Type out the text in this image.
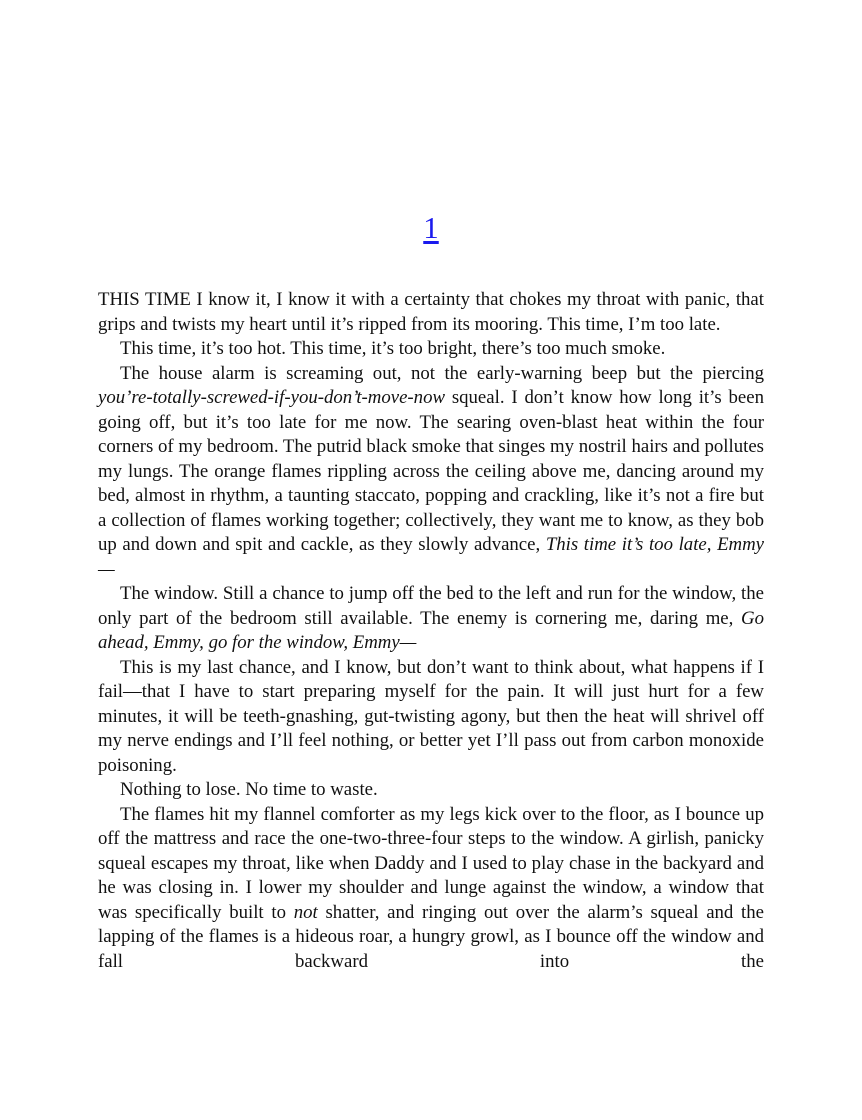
1

THIS TIME I know it, I know it with a certainty that chokes my throat with panic, that grips and twists my heart until it’s ripped from its mooring. This time, I’m too late.

This time, it’s too hot. This time, it’s too bright, there’s too much smoke.

The house alarm is screaming out, not the early-warning beep but the piercing you’re-totally-screwed-if-you-don’t-move-now squeal. I don’t know how long it’s been going off, but it’s too late for me now. The searing oven-blast heat within the four corners of my bedroom. The putrid black smoke that singes my nostril hairs and pollutes my lungs. The orange flames rippling across the ceiling above me, dancing around my bed, almost in rhythm, a taunting staccato, popping and crackling, like it’s not a fire but a collection of flames working together; collectively, they want me to know, as they bob up and down and spit and cackle, as they slowly advance, This time it’s too late, Emmy—

The window. Still a chance to jump off the bed to the left and run for the window, the only part of the bedroom still available. The enemy is cornering me, daring me, Go ahead, Emmy, go for the window, Emmy—

This is my last chance, and I know, but don’t want to think about, what happens if I fail—that I have to start preparing myself for the pain. It will just hurt for a few minutes, it will be teeth-gnashing, gut-twisting agony, but then the heat will shrivel off my nerve endings and I’ll feel nothing, or better yet I’ll pass out from carbon monoxide poisoning.

Nothing to lose. No time to waste.

The flames hit my flannel comforter as my legs kick over to the floor, as I bounce up off the mattress and race the one-two-three-four steps to the window. A girlish, panicky squeal escapes my throat, like when Daddy and I used to play chase in the backyard and he was closing in. I lower my shoulder and lunge against the window, a window that was specifically built to not shatter, and ringing out over the alarm’s squeal and the lapping of the flames is a hideous roar, a hungry growl, as I bounce off the window and fall backward into the
